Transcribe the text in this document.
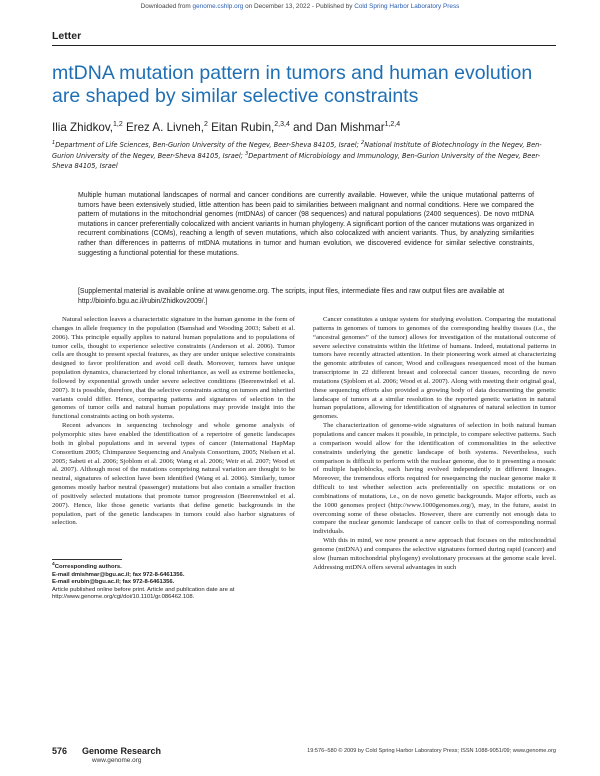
Downloaded from genome.cshlp.org on December 13, 2022 - Published by Cold Spring Harbor Laboratory Press
Letter
mtDNA mutation pattern in tumors and human evolution are shaped by similar selective constraints
Ilia Zhidkov,$^{1,2}$ Erez A. Livneh,$^2$ Eitan Rubin,$^{2,3,4}$ and Dan Mishmar$^{1,2,4}$
$^1$Department of Life Sciences, Ben-Gurion University of the Negev, Beer-Sheva 84105, Israel; $^2$National Institute of Biotechnology in the Negev, Ben-Gurion University of the Negev, Beer-Sheva 84105, Israel; $^3$Department of Microbiology and Immunology, Ben-Gurion University of the Negev, Beer-Sheva 84105, Israel

Multiple human mutational landscapes of normal and cancer conditions are currently available. However, while the unique mutational patterns of tumors have been extensively studied, little attention has been paid to similarities between malignant and normal conditions. Here we compared the pattern of mutations in the mitochondrial genomes (mtDNAs) of cancer (98 sequences) and natural populations (2400 sequences). De novo mtDNA mutations in cancer preferentially colocalized with ancient variants in human phylogeny. A significant portion of the cancer mutations was organized in recurrent combinations (COMs), reaching a length of seven mutations, which also colocalized with ancient variants. Thus, by analyzing similarities rather than differences in patterns of mtDNA mutations in tumor and human evolution, we discovered evidence for similar selective constraints, suggesting a functional potential for these mutations.

[Supplemental material is available online at www.genome.org. The scripts, input files, intermediate files and raw output files are available at http://bioinfo.bgu.ac.il/rubin/Zhidkov2009/.]

Natural selection leaves a characteristic signature in the human genome in the form of changes in allele frequency in the population (Bamshad and Wooding 2003; Sabeti et al. 2006). This principle equally applies to natural human populations and to populations of tumor cells, thought to experience selective constraints (Anderson et al. 2006). Tumor cells are thought to present special features, as they are under unique selective constraints designed to favor proliferation and avoid cell death. Moreover, tumors have unique population dynamics, characterized by clonal inheritance, as well as extreme bottlenecks, followed by exponential growth under severe selective conditions (Beerenwinkel et al. 2007). It is possible, therefore, that the selective constraints acting on tumors and inherited variants could differ. Hence, comparing patterns and signatures of selection in the genomes of tumor cells and natural human populations may provide insight into the functional constraints acting on both systems.

Recent advances in sequencing technology and whole genome analysis of polymorphic sites have enabled the identification of a repertoire of genetic landscapes both in global populations and in several types of cancer (International HapMap Consortium 2005; Chimpanzee Sequencing and Analysis Consortium, 2005; Nielsen et al. 2005; Sabeti et al. 2006; Sjoblom et al. 2006; Wang et al. 2006; Weir et al. 2007; Wood et al. 2007). Although most of the mutations comprising natural variation are thought to be neutral, signatures of selection have been identified (Wang et al. 2006). Similarly, tumor genomes mostly harbor neutral (passenger) mutations but also contain a smaller fraction of positively selected mutations that promote tumor progression (Beerenwinkel et al. 2007). Hence, like those genetic variants that define genetic backgrounds in the population, part of the genetic landscapes in tumors could also harbor signatures of selection.

Cancer constitutes a unique system for studying evolution. Comparing the mutational patterns in genomes of tumors to genomes of the corresponding healthy tissues (i.e., the “ancestral genomes” of the tumor) allows for investigation of the mutational outcome of severe selective constraints within the lifetime of humans. Indeed, mutational patterns in tumors have recently attracted attention. In their pioneering work aimed at characterizing the genomic attributes of cancer, Wood and colleagues resequenced most of the human transcriptome in 22 different breast and colorectal cancer tissues, recording de novo mutations (Sjoblom et al. 2006; Wood et al. 2007). Along with meeting their original goal, these sequencing efforts also provided a growing body of data documenting the genetic landscape of tumors at a similar resolution to the reported genetic variation in natural human populations, allowing for identification of signatures of natural selection in tumor genomes.

The characterization of genome-wide signatures of selection in both natural human populations and cancer makes it possible, in principle, to compare selective patterns. Such a comparison would allow for the identification of commonalities in the selective constraints underlying the genetic landscape of both systems. Nevertheless, such comparison is difficult to perform with the nuclear genome, due to it presenting a mosaic of multiple haploblocks, each having evolved independently in different lineages. Moreover, the tremendous efforts required for resequencing the nuclear genome make it difficult to test whether selection acts preferentially on specific mutations or on combinations of mutations, i.e., on de novo genetic backgrounds. Major efforts, such as the 1000 genomes project (http://www.1000genomes.org/), may, in the future, assist in overcoming some of these obstacles. However, there are currently not enough data to compare the nuclear genomic landscape of cancer cells to that of corresponding normal individuals.

With this in mind, we now present a new approach that focuses on the mitochondrial genome (mtDNA) and compares the selective signatures formed during rapid (cancer) and slow (human mitochondrial phylogeny) evolutionary processes at the genome scale level. Addressing mtDNA offers several advantages in such

$^4$Corresponding authors.
E-mail dmishmar@bgu.ac.il; fax 972-8-6461356.
E-mail erubin@bgu.ac.il; fax 972-8-6461356.
Article published online before print. Article and publication date are at http://www.genome.org/cgi/doi/10.1101/gr.086462.108.
576 Genome Research
www.genome.org
19:576–580 © 2009 by Cold Spring Harbor Laboratory Press; ISSN 1088-9051/09; www.genome.org
